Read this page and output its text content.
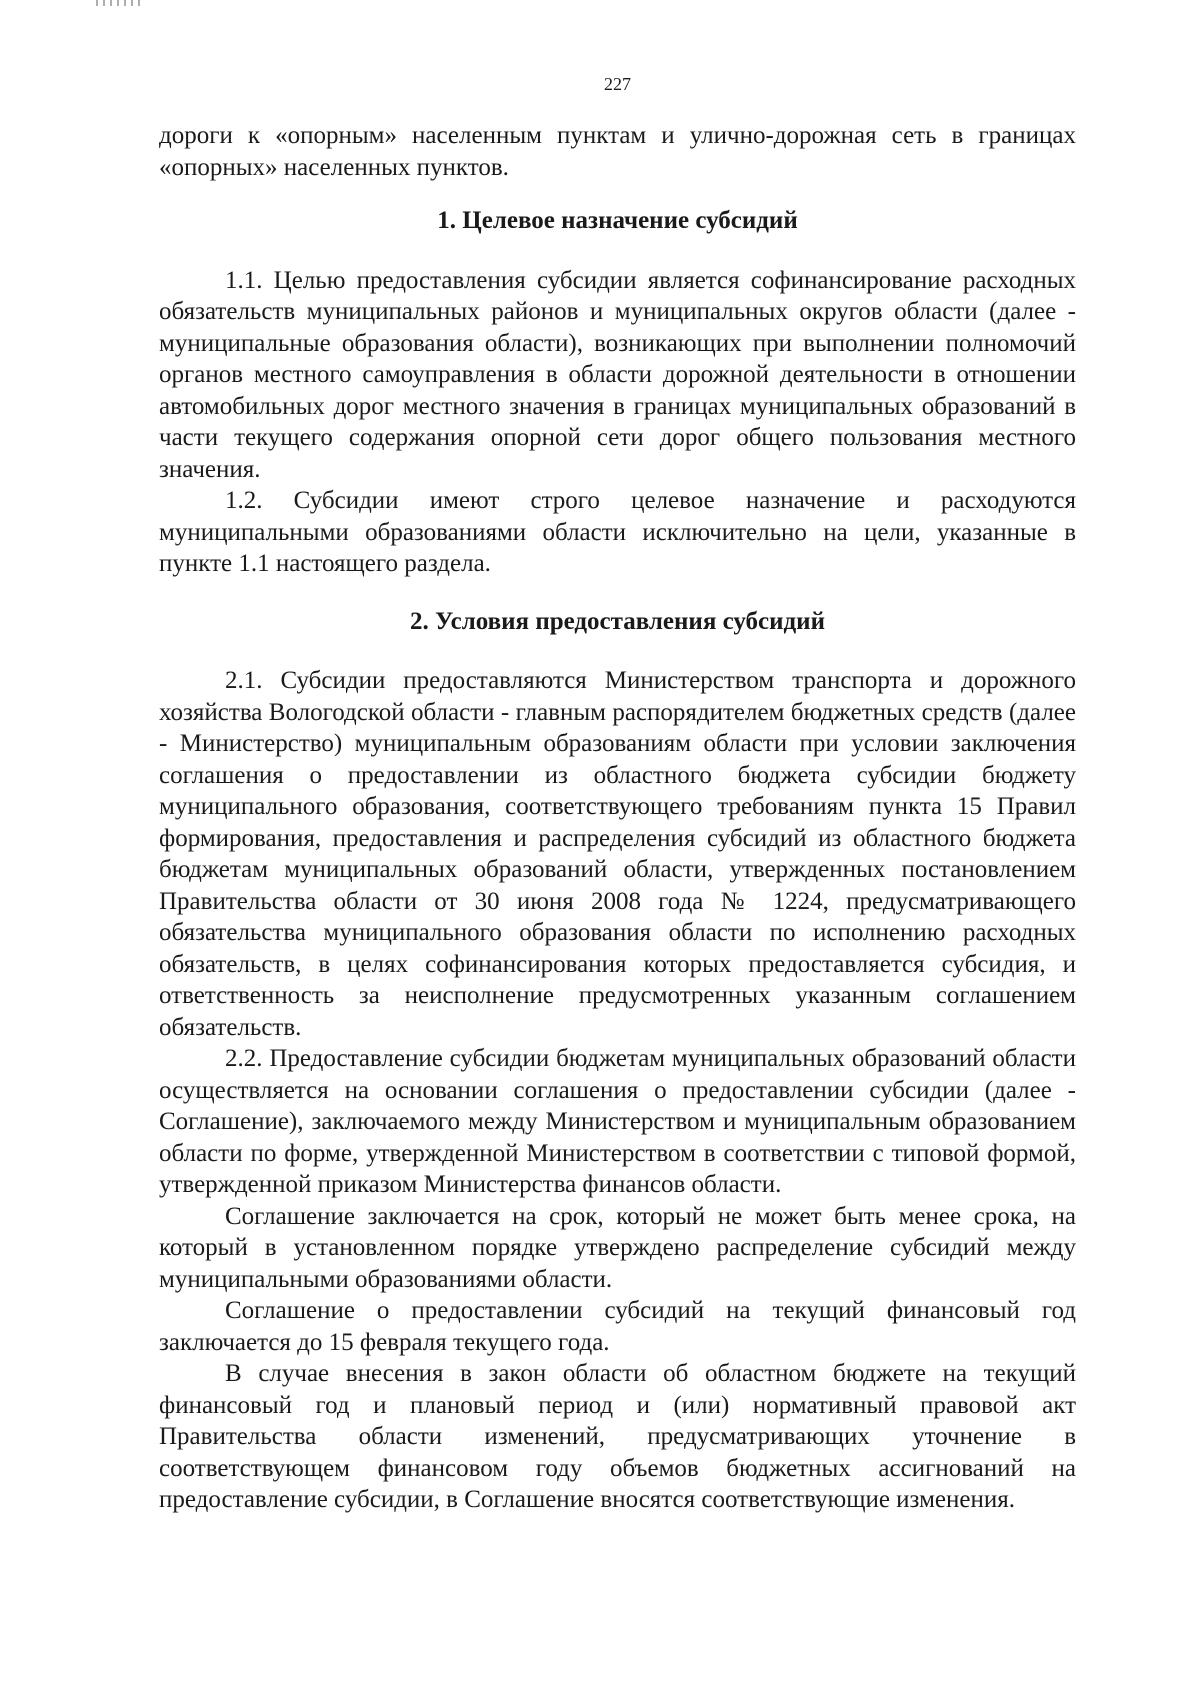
227

дороги к «опорным» населенным пунктам и улично-дорожная сеть в границах «опорных» населенных пунктов.

1. Целевое назначение субсидий

1.1. Целью предоставления субсидии является софинансирование расходных обязательств муниципальных районов и муниципальных округов области (далее - муниципальные образования области), возникающих при выполнении полномочий органов местного самоуправления в области дорожной деятельности в отношении автомобильных дорог местного значения в границах муниципальных образований в части текущего содержания опорной сети дорог общего пользования местного значения.

1.2. Субсидии имеют строго целевое назначение и расходуются муниципальными образованиями области исключительно на цели, указанные в пункте 1.1 настоящего раздела.

2. Условия предоставления субсидий

2.1. Субсидии предоставляются Министерством транспорта и дорожного хозяйства Вологодской области - главным распорядителем бюджетных средств (далее - Министерство) муниципальным образованиям области при условии заключения соглашения о предоставлении из областного бюджета субсидии бюджету муниципального образования, соответствующего требованиям пункта 15 Правил формирования, предоставления и распределения субсидий из областного бюджета бюджетам муниципальных образований области, утвержденных постановлением Правительства области от 30 июня 2008 года № 1224, предусматривающего обязательства муниципального образования области по исполнению расходных обязательств, в целях софинансирования которых предоставляется субсидия, и ответственность за неисполнение предусмотренных указанным соглашением обязательств.

2.2. Предоставление субсидии бюджетам муниципальных образований области осуществляется на основании соглашения о предоставлении субсидии (далее - Соглашение), заключаемого между Министерством и муниципальным образованием области по форме, утвержденной Министерством в соответствии с типовой формой, утвержденной приказом Министерства финансов области.

Соглашение заключается на срок, который не может быть менее срока, на который в установленном порядке утверждено распределение субсидий между муниципальными образованиями области.

Соглашение о предоставлении субсидий на текущий финансовый год заключается до 15 февраля текущего года.

В случае внесения в закон области об областном бюджете на текущий финансовый год и плановый период и (или) нормативный правовой акт Правительства области изменений, предусматривающих уточнение в соответствующем финансовом году объемов бюджетных ассигнований на предоставление субсидии, в Соглашение вносятся соответствующие изменения.
